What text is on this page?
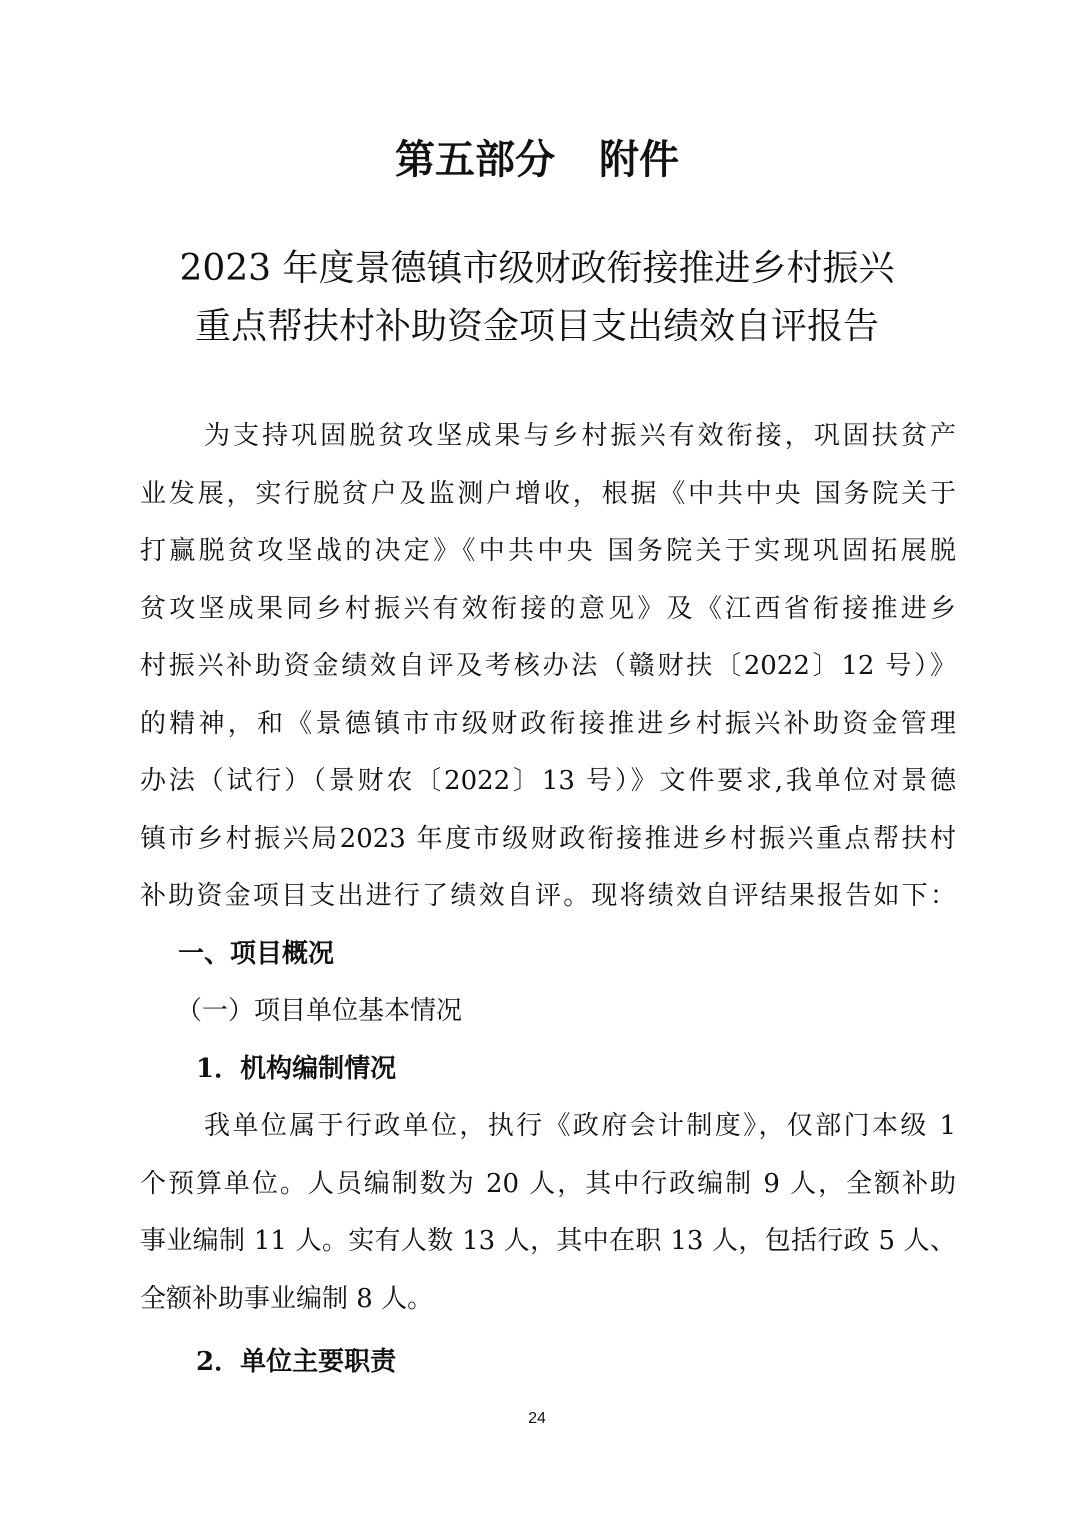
第五部分 附件
2023 年度景德镇市级财政衔接推进乡村振兴
重点帮扶村补助资金项目支出绩效自评报告
为支持巩固脱贫攻坚成果与乡村振兴有效衔接，巩固扶贫产
业发展，实行脱贫户及监测户增收，根据《中共中央 国务院关于
打赢脱贫攻坚战的决定》《中共中央 国务院关于实现巩固拓展脱
贫攻坚成果同乡村振兴有效衔接的意见》及《江西省衔接推进乡
村振兴补助资金绩效自评及考核办法（赣财扶〔2022〕12 号）》
的精神，和《景德镇市市级财政衔接推进乡村振兴补助资金管理
办法（试行）（景财农〔2022〕13 号）》文件要求,我单位对景德
镇市乡村振兴局2023 年度市级财政衔接推进乡村振兴重点帮扶村
补助资金项目支出进行了绩效自评。现将绩效自评结果报告如下：
一、项目概况
（一）项目单位基本情况
1．机构编制情况
我单位属于行政单位，执行《政府会计制度》，仅部门本级 1
个预算单位。人员编制数为 20 人，其中行政编制 9 人，全额补助
事业编制 11 人。实有人数 13 人，其中在职 13 人，包括行政 5 人、
全额补助事业编制 8 人。
2．单位主要职责
24
